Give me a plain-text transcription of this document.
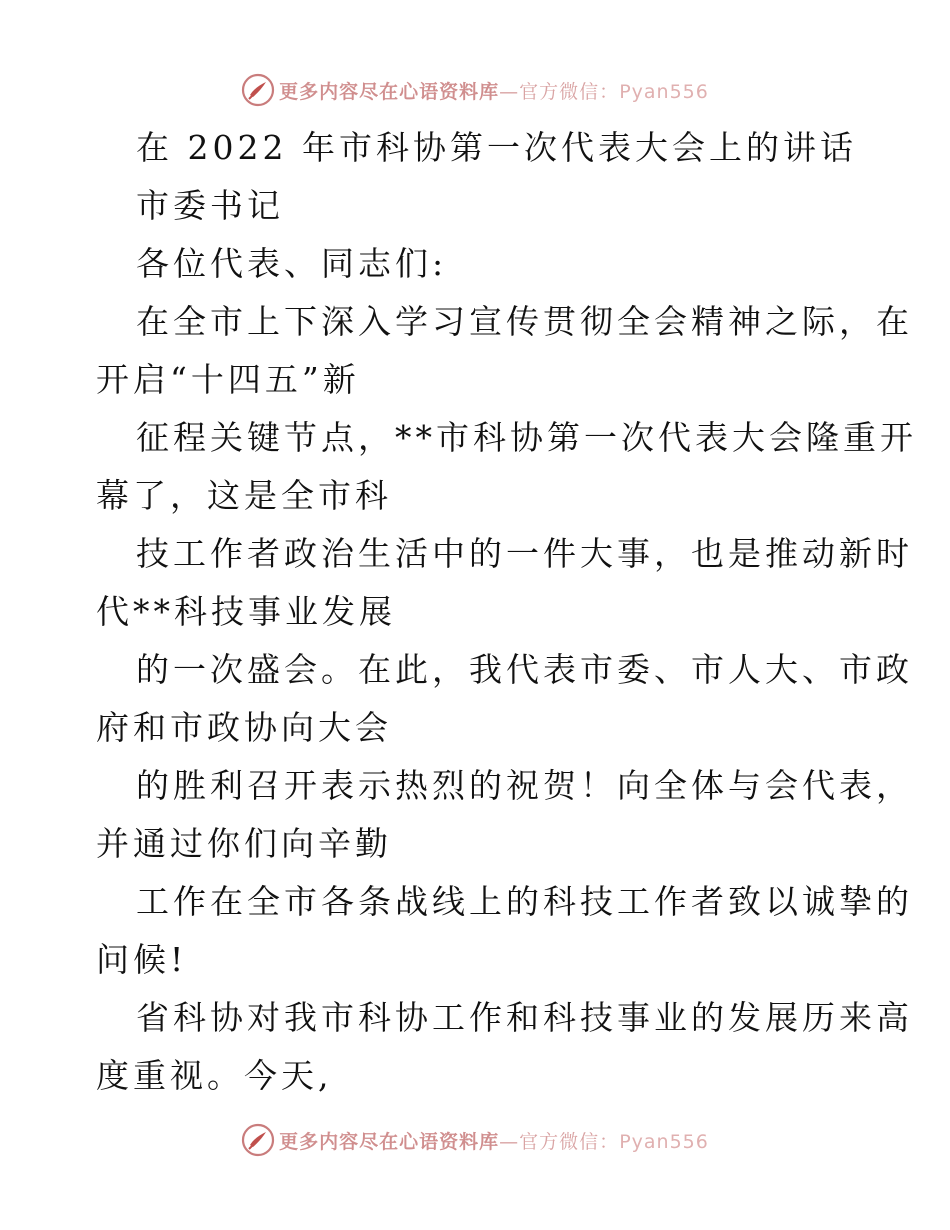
更多内容尽在心语资料库—官方微信：Pyan556
在 2022 年市科协第一次代表大会上的讲话
市委书记
各位代表、同志们:
在全市上下深入学习宣传贯彻全会精神之际，在
开启“十四五”新
征程关键节点，**市科协第一次代表大会隆重开
幕了，这是全市科
技工作者政治生活中的一件大事，也是推动新时
代**科技事业发展
的一次盛会。在此，我代表市委、市人大、市政
府和市政协向大会
的胜利召开表示热烈的祝贺！向全体与会代表，
并通过你们向辛勤
工作在全市各条战线上的科技工作者致以诚挚的
问候!
省科协对我市科协工作和科技事业的发展历来高
度重视。今天,
更多内容尽在心语资料库—官方微信：Pyan556
